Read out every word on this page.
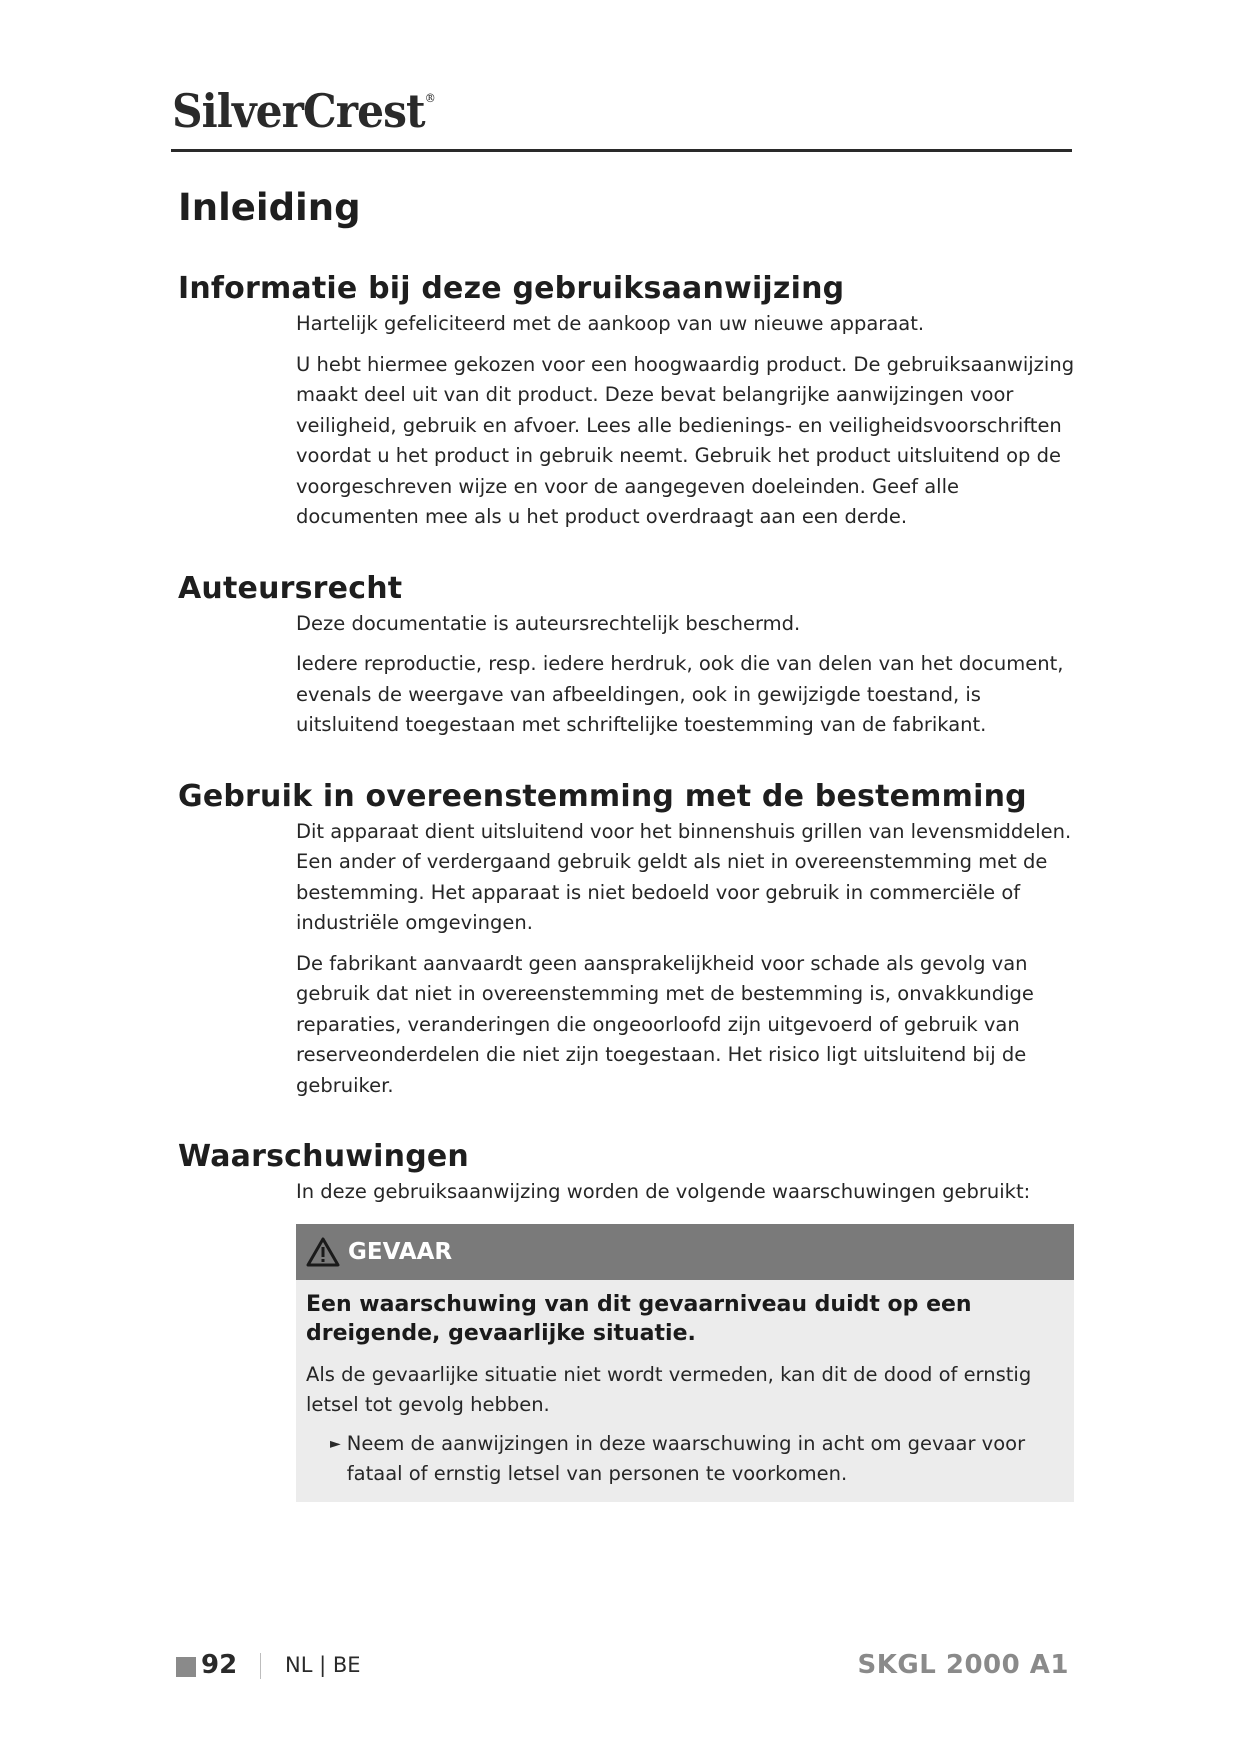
SilverCrest®
Inleiding
Informatie bij deze gebruiksaanwijzing

Hartelijk gefeliciteerd met de aankoop van uw nieuwe apparaat.

U hebt hiermee gekozen voor een hoogwaardig product. De gebruiksaanwijzing maakt deel uit van dit product. Deze bevat belangrijke aanwijzingen voor veiligheid, gebruik en afvoer. Lees alle bedienings- en veiligheidsvoorschriften voordat u het product in gebruik neemt. Gebruik het product uitsluitend op de voorgeschreven wijze en voor de aangegeven doeleinden. Geef alle documenten mee als u het product overdraagt aan een derde.

Auteursrecht

Deze documentatie is auteursrechtelijk beschermd.

Iedere reproductie, resp. iedere herdruk, ook die van delen van het document, evenals de weergave van afbeeldingen, ook in gewijzigde toestand, is uitsluitend toegestaan met schriftelijke toestemming van de fabrikant.

Gebruik in overeenstemming met de bestemming

Dit apparaat dient uitsluitend voor het binnenshuis grillen van levensmiddelen. Een ander of verdergaand gebruik geldt als niet in overeenstemming met de bestemming. Het apparaat is niet bedoeld voor gebruik in commerciële of industriële omgevingen.

De fabrikant aanvaardt geen aansprakelijkheid voor schade als gevolg van gebruik dat niet in overeenstemming met de bestemming is, onvakkundige reparaties, veranderingen die ongeoorloofd zijn uitgevoerd of gebruik van reserveonderdelen die niet zijn toegestaan. Het risico ligt uitsluitend bij de gebruiker.

Waarschuwingen

In deze gebruiksaanwijzing worden de volgende waarschuwingen gebruikt:

GEVAAR

Een waarschuwing van dit gevaarniveau duidt op een dreigende, gevaarlijke situatie.

Als de gevaarlijke situatie niet wordt vermeden, kan dit de dood of ernstig letsel tot gevolg hebben.

► Neem de aanwijzingen in deze waarschuwing in acht om gevaar voor fataal of ernstig letsel van personen te voorkomen.

92 NL | BE	SKGL 2000 A1
